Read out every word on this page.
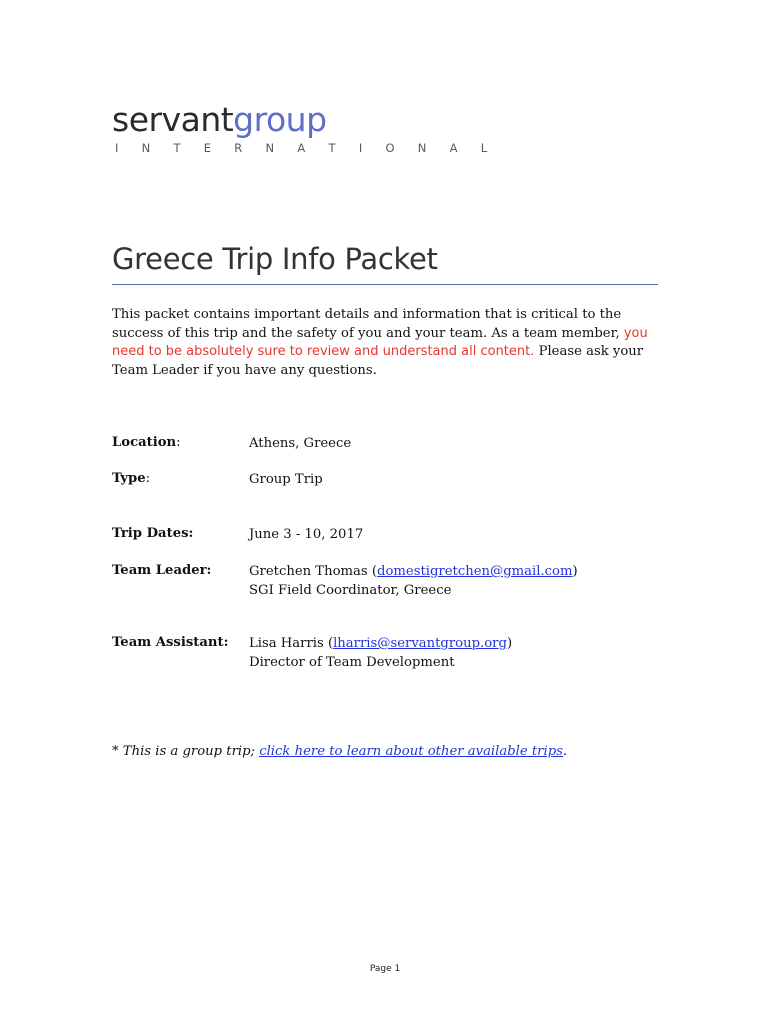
servantgroup
I N T E R N A T I O N A L
Greece Trip Info Packet

This packet contains important details and information that is critical to the success of this trip and the safety of you and your team. As a team member, you need to be absolutely sure to review and understand all content. Please ask your Team Leader if you have any questions.

Location:	Athens, Greece
Type:	Group Trip
Trip Dates:	June 3 - 10, 2017
Team Leader:	Gretchen Thomas (domestigretchen@gmail.com)
SGI Field Coordinator, Greece
Team Assistant: Lisa Harris (lharris@servantgroup.org)
Director of Team Development
* This is a group trip; click here to learn about other available trips.
Page 1
